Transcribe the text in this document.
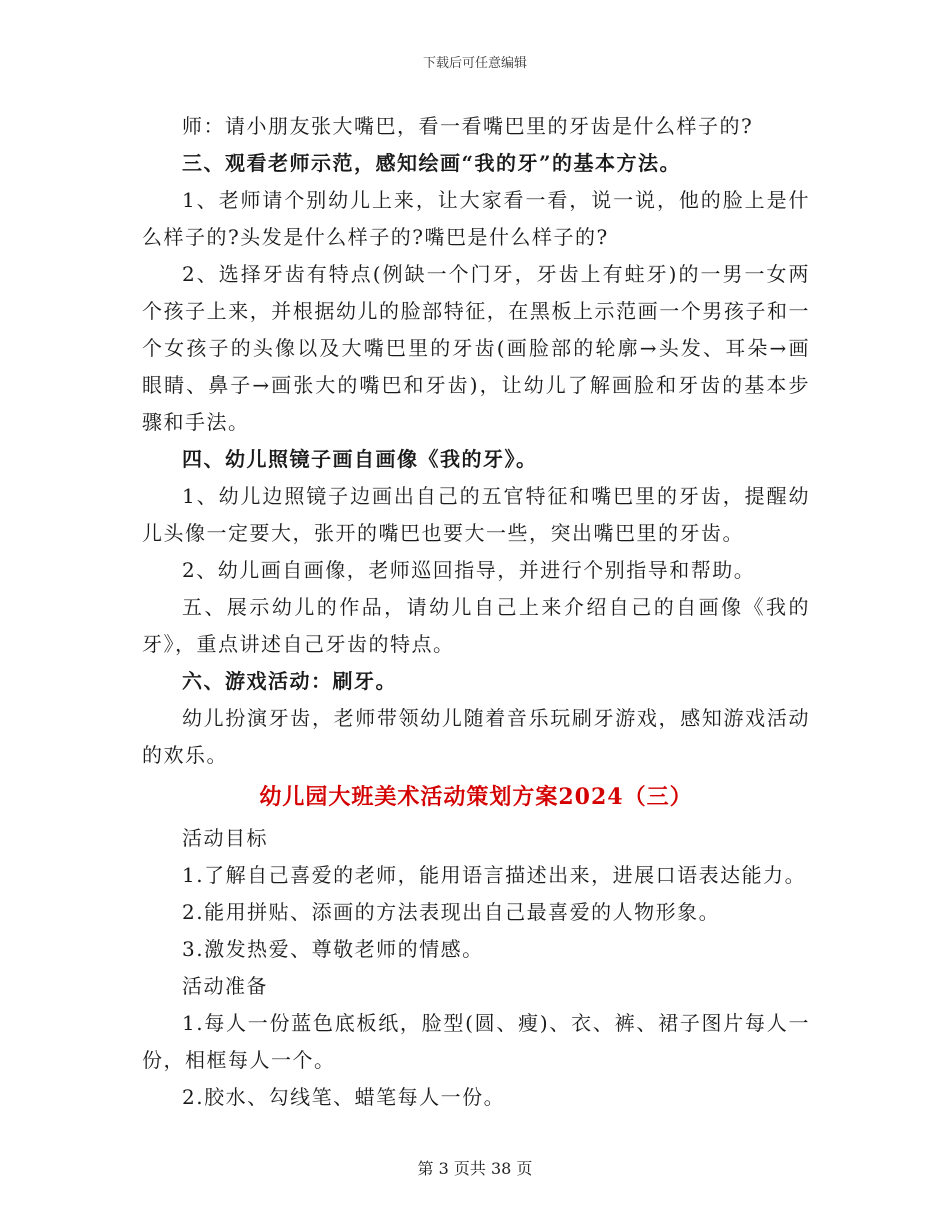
下载后可任意编辑

师：请小朋友张大嘴巴，看一看嘴巴里的牙齿是什么样子的?

三、观看老师示范，感知绘画“我的牙”的基本方法。

1、老师请个别幼儿上来，让大家看一看，说一说，他的脸上是什么样子的?头发是什么样子的?嘴巴是什么样子的?

2、选择牙齿有特点(例缺一个门牙，牙齿上有蛀牙)的一男一女两个孩子上来，并根据幼儿的脸部特征，在黑板上示范画一个男孩子和一个女孩子的头像以及大嘴巴里的牙齿(画脸部的轮廓→头发、耳朵→画眼睛、鼻子→画张大的嘴巴和牙齿)，让幼儿了解画脸和牙齿的基本步骤和手法。

四、幼儿照镜子画自画像《我的牙》。

1、幼儿边照镜子边画出自己的五官特征和嘴巴里的牙齿，提醒幼儿头像一定要大，张开的嘴巴也要大一些，突出嘴巴里的牙齿。

2、幼儿画自画像，老师巡回指导，并进行个别指导和帮助。

五、展示幼儿的作品，请幼儿自己上来介绍自己的自画像《我的牙》，重点讲述自己牙齿的特点。

六、游戏活动：刷牙。

幼儿扮演牙齿，老师带领幼儿随着音乐玩刷牙游戏，感知游戏活动的欢乐。

幼儿园大班美术活动策划方案2024（三）

活动目标

1.了解自己喜爱的老师，能用语言描述出来，进展口语表达能力。

2.能用拼贴、添画的方法表现出自己最喜爱的人物形象。

3.激发热爱、尊敬老师的情感。

活动准备

1.每人一份蓝色底板纸，脸型(圆、瘦)、衣、裤、裙子图片每人一份，相框每人一个。

2.胶水、勾线笔、蜡笔每人一份。

第 3 页共 38 页
